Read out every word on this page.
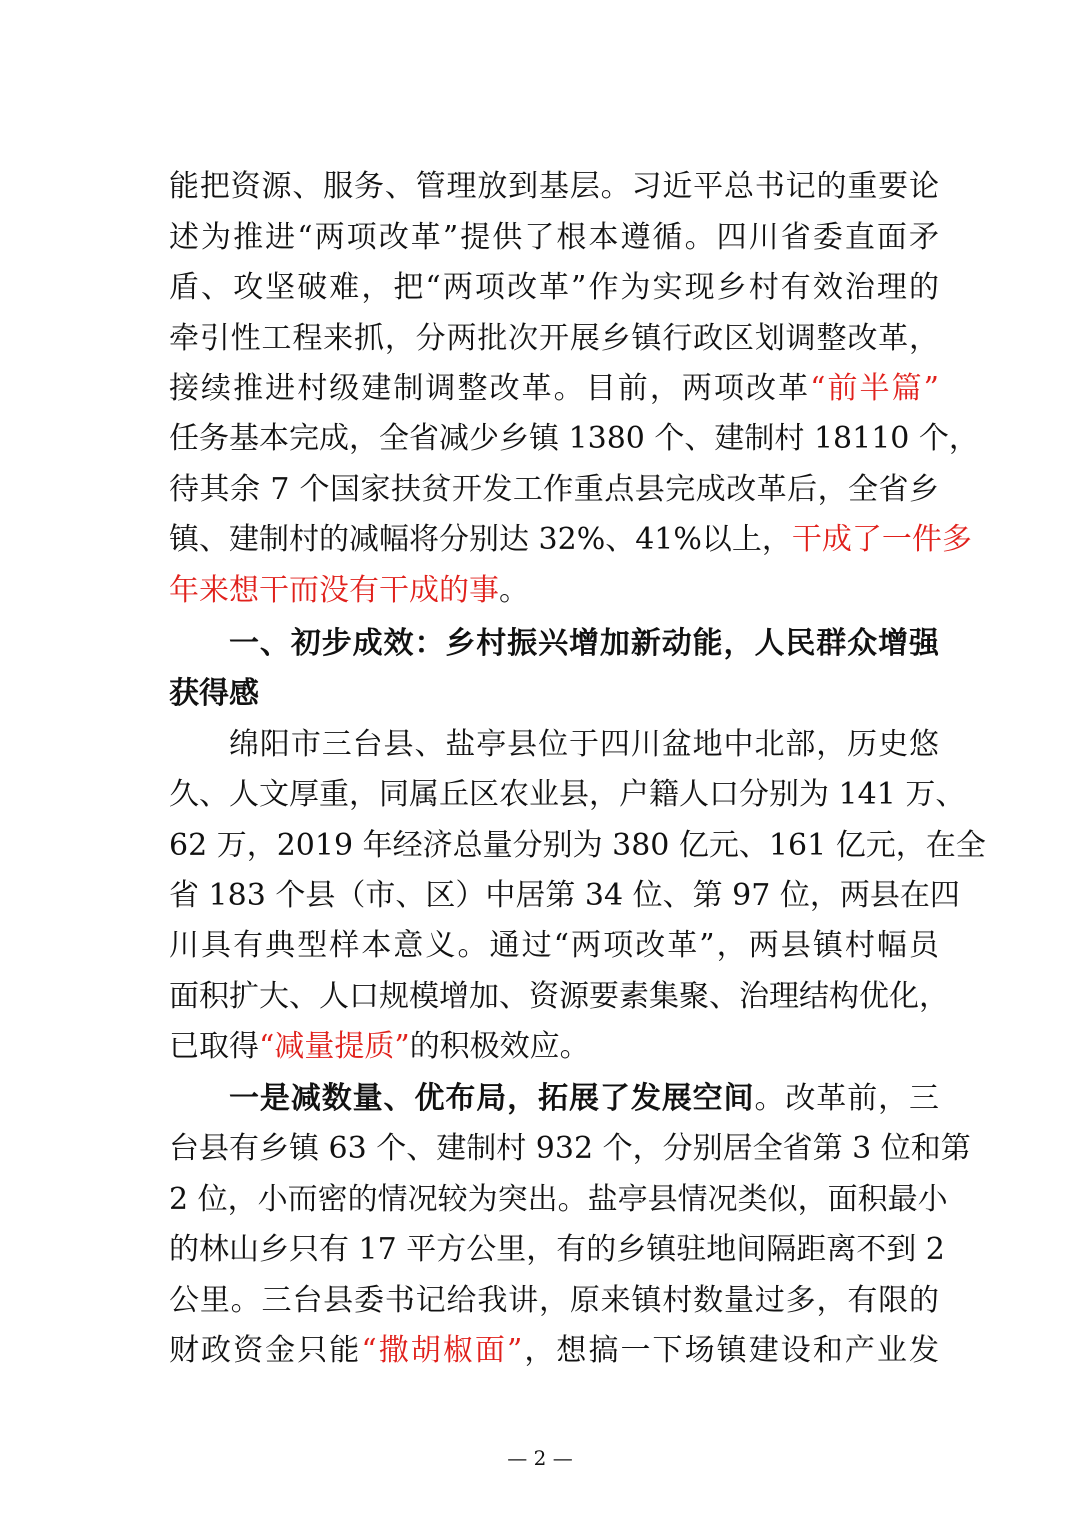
能把资源、服务、管理放到基层。习近平总书记的重要论
述为推进“两项改革”提供了根本遵循。四川省委直面矛
盾、攻坚破难，把“两项改革”作为实现乡村有效治理的
牵引性工程来抓，分两批次开展乡镇行政区划调整改革，
接续推进村级建制调整改革。目前，两项改革“前半篇”
任务基本完成，全省减少乡镇 1380 个、建制村 18110 个，
待其余 7 个国家扶贫开发工作重点县完成改革后，全省乡
镇、建制村的减幅将分别达 32%、41%以上，干成了一件多
年来想干而没有干成的事。
一、初步成效：乡村振兴增加新动能，人民群众增强
获得感
绵阳市三台县、盐亭县位于四川盆地中北部，历史悠
久、人文厚重，同属丘区农业县，户籍人口分别为 141 万、
62 万，2019 年经济总量分别为 380 亿元、161 亿元，在全
省 183 个县（市、区）中居第 34 位、第 97 位，两县在四
川具有典型样本意义。通过“两项改革”，两县镇村幅员
面积扩大、人口规模增加、资源要素集聚、治理结构优化，
已取得“减量提质”的积极效应。
一是减数量、优布局，拓展了发展空间。改革前，三
台县有乡镇 63 个、建制村 932 个，分别居全省第 3 位和第
2 位，小而密的情况较为突出。盐亭县情况类似，面积最小
的林山乡只有 17 平方公里，有的乡镇驻地间隔距离不到 2
公里。三台县委书记给我讲，原来镇村数量过多，有限的
财政资金只能“撒胡椒面”，想搞一下场镇建设和产业发
— 2 —
